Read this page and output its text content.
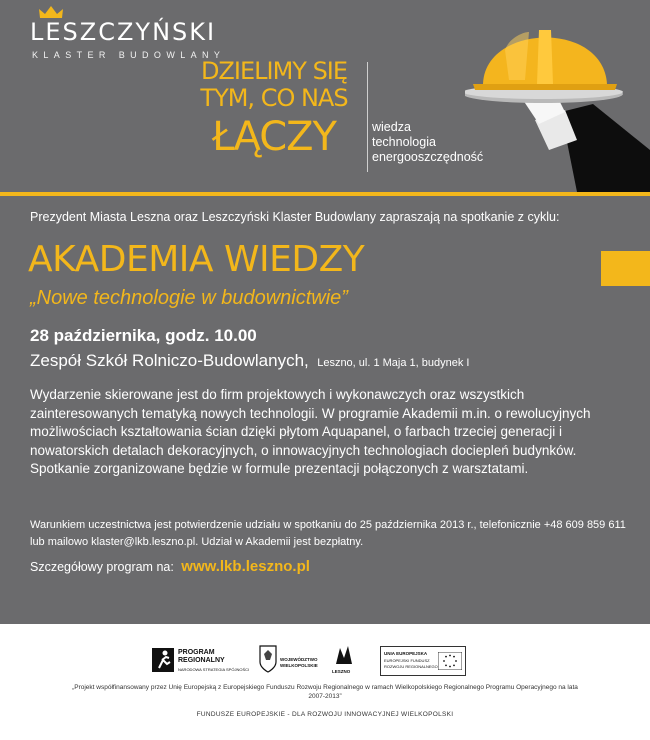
LESZCZYŃSKI
KLASTER BUDOWLANY
DZIELIMY SIĘ
TYM, CO NAS
ŁĄCZY	wiedza
technologia
energooszczędność
Prezydent Miasta Leszna oraz Leszczyński Klaster Budowlany zapraszają na spotkanie z cyklu:
AKADEMIA WIEDZY
„Nowe technologie w budownictwie”
28 października, godz. 10.00
Zespół Szkół Rolniczo-Budowlanych, Leszno, ul. 1 Maja 1, budynek I

Wydarzenie skierowane jest do firm projektowych i wykonawczych oraz wszystkich zainteresowanych tematyką nowych technologii. W programie Akademii m.in. o rewolucyjnych możliwościach kształtowania ścian dzięki płytom Aquapanel, o farbach trzeciej generacji i nowatorskich detalach dekoracyjnych, o innowacyjnych technologiach dociepleń budynków. Spotkanie zorganizowane będzie w formule prezentacji połączonych z warsztatami.

Warunkiem uczestnictwa jest potwierdzenie udziału w spotkaniu do 25 października 2013 r., telefonicznie +48 609 859 611 lub mailowo klaster@lkb.leszno.pl. Udział w Akademii jest bezpłatny.

Szczegółowy program na: www.lkb.leszno.pl
PROGRAM
REGIONALNY
NARODOWA STRATEGIA SPÓJNOŚCI
WOJEWÓDZTWO
WIELKOPOLSKIE
LESZNO
UNIA EUROPEJSKA
EUROPEJSKI FUNDUSZ
ROZWOJU REGIONALNEGO
„Projekt współfinansowany przez Unię Europejską z Europejskiego Funduszu Rozwoju Regionalnego w ramach Wielkopolskiego Regionalnego Programu Operacyjnego na lata 2007-2013”
FUNDUSZE EUROPEJSKIE - DLA ROZWOJU INNOWACYJNEJ WIELKOPOLSKI
